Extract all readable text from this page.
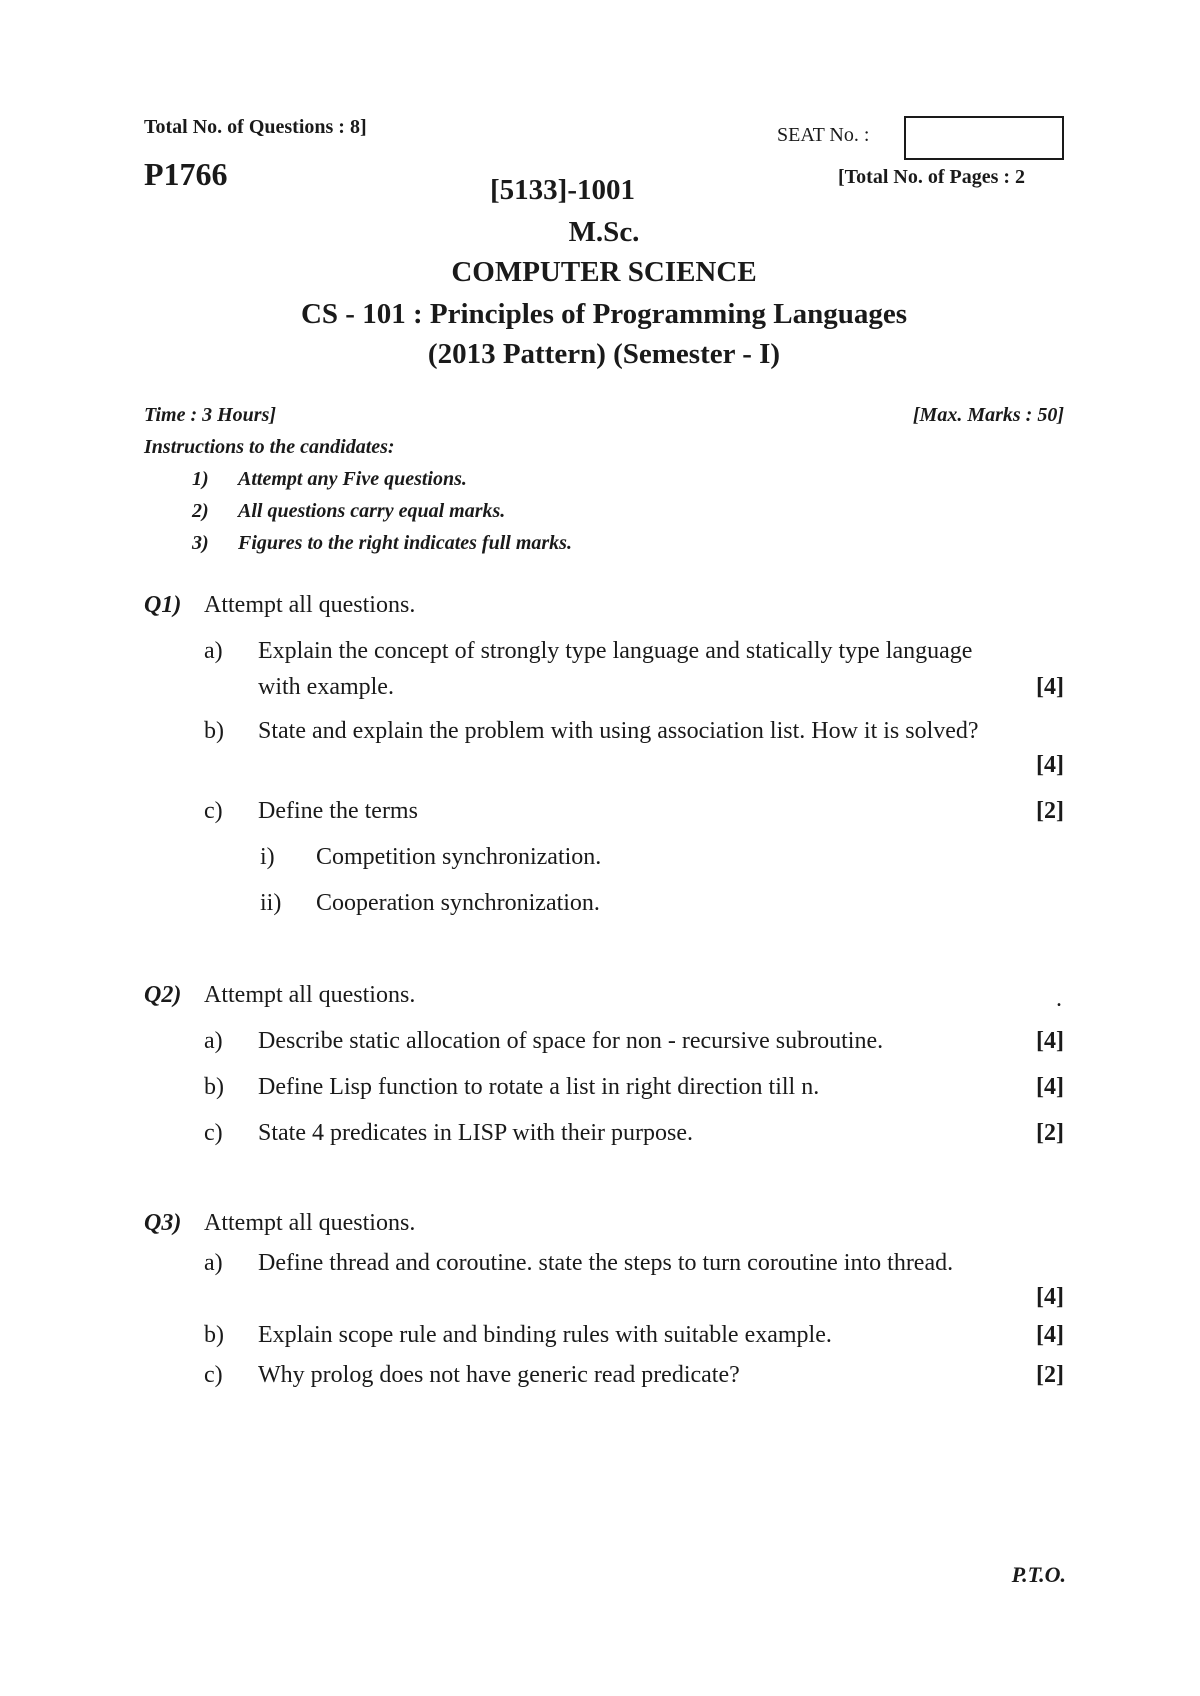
Total No. of Questions : 8]	SEAT No. :
P1766	[Total No. of Pages : 2
[5133]-1001
M.Sc.
COMPUTER SCIENCE
CS - 101 : Principles of Programming Languages
(2013 Pattern) (Semester - I)
Time : 3 Hours]	[Max. Marks : 50]
Instructions to the candidates:
1) Attempt any Five questions.
2) All questions carry equal marks.
3) Figures to the right indicates full marks.
Q1) Attempt all questions.
a) Explain the concept of strongly type language and statically type language
with example.	[4]
b) State and explain the problem with using association list. How it is solved?
[4]
c) Define the terms	[2]
i) Competition synchronization.
ii) Cooperation synchronization.
Q2) Attempt all questions.	.
a) Describe static allocation of space for non - recursive subroutine.	[4]
b) Define Lisp function to rotate a list in right direction till n.	[4]
c) State 4 predicates in LISP with their purpose.	[2]
Q3) Attempt all questions.
a) Define thread and coroutine. state the steps to turn coroutine into thread.
[4]
b) Explain scope rule and binding rules with suitable example.	[4]
c) Why prolog does not have generic read predicate?	[2]
P.T.O.
